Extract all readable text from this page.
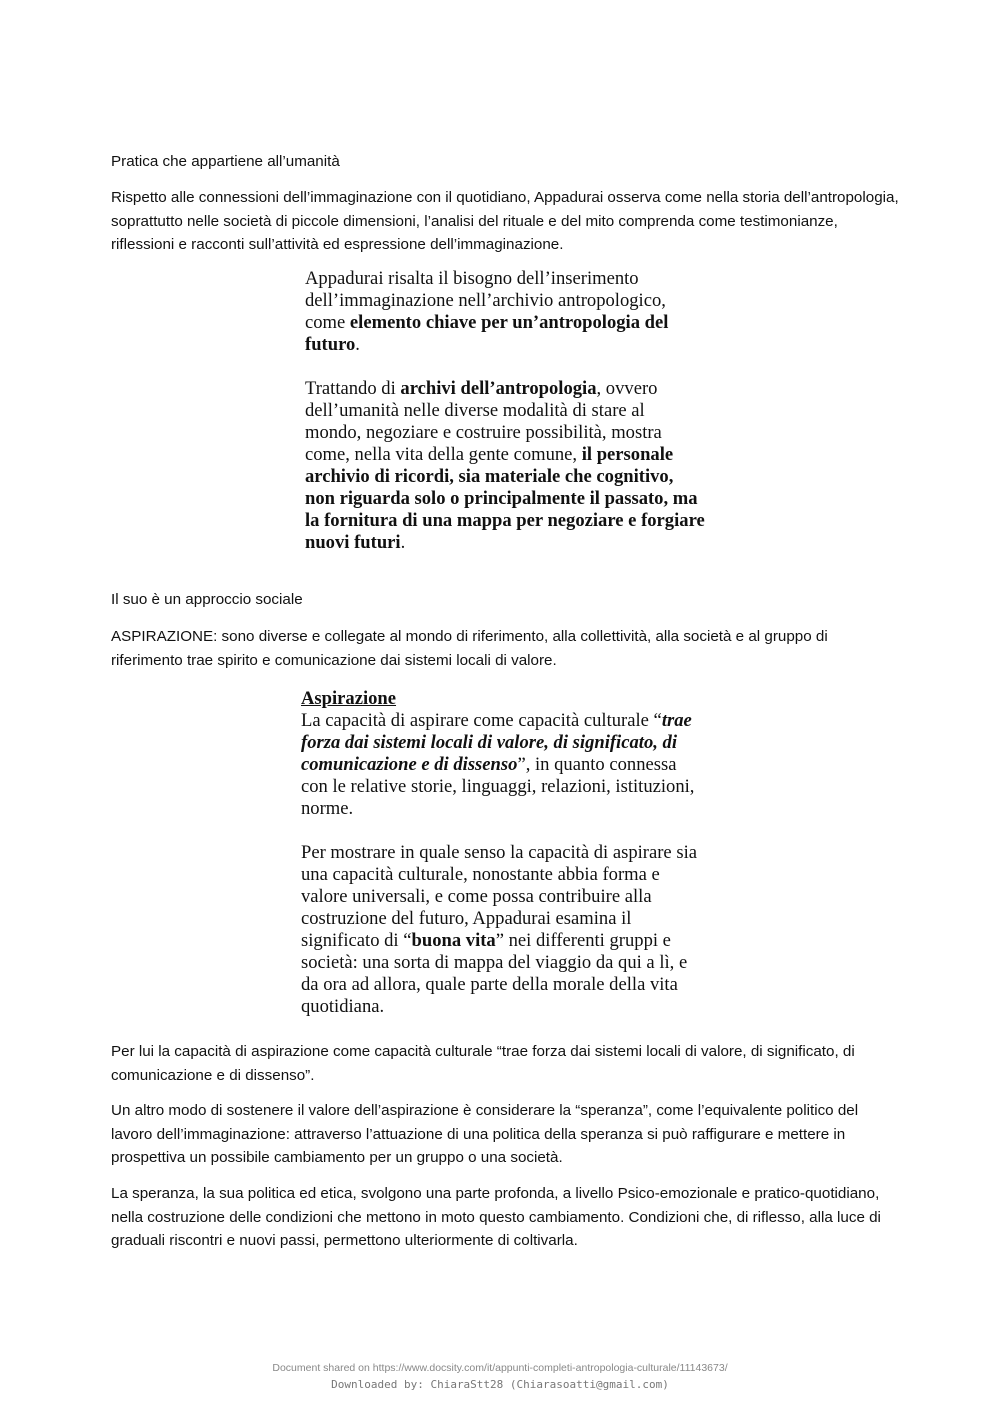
Pratica che appartiene all’umanità

Rispetto alle connessioni dell’immaginazione con il quotidiano, Appadurai osserva come nella storia dell’antropologia, soprattutto nelle società di piccole dimensioni, l’analisi del rituale e del mito comprenda come testimonianze, riflessioni e racconti sull’attività ed espressione dell’immaginazione.

Appadurai risalta il bisogno dell’inserimento dell’immaginazione nell’archivio antropologico, come elemento chiave per un’antropologia del futuro.

Trattando di archivi dell’antropologia, ovvero dell’umanità nelle diverse modalità di stare al mondo, negoziare e costruire possibilità, mostra come, nella vita della gente comune, il personale archivio di ricordi, sia materiale che cognitivo, non riguarda solo o principalmente il passato, ma la fornitura di una mappa per negoziare e forgiare nuovi futuri.

Il suo è un approccio sociale

ASPIRAZIONE: sono diverse e collegate al mondo di riferimento, alla collettività, alla società e al gruppo di riferimento trae spirito e comunicazione dai sistemi locali di valore.

Aspirazione

La capacità di aspirare come capacità culturale “trae forza dai sistemi locali di valore, di significato, di comunicazione e di dissenso”, in quanto connessa con le relative storie, linguaggi, relazioni, istituzioni, norme.

Per mostrare in quale senso la capacità di aspirare sia una capacità culturale, nonostante abbia forma e valore universali, e come possa contribuire alla costruzione del futuro, Appadurai esamina il significato di “buona vita” nei differenti gruppi e società: una sorta di mappa del viaggio da qui a lì, e da ora ad allora, quale parte della morale della vita quotidiana.

Per lui la capacità di aspirazione come capacità culturale “trae forza dai sistemi locali di valore, di significato, di comunicazione e di dissenso”.

Un altro modo di sostenere il valore dell’aspirazione è considerare la “speranza”, come l’equivalente politico del lavoro dell’immaginazione: attraverso l’attuazione di una politica della speranza si può raffigurare e mettere in prospettiva un possibile cambiamento per un gruppo o una società.

La speranza, la sua politica ed etica, svolgono una parte profonda, a livello Psico-emozionale e pratico-quotidiano, nella costruzione delle condizioni che mettono in moto questo cambiamento. Condizioni che, di riflesso, alla luce di graduali riscontri e nuovi passi, permettono ulteriormente di coltivarla.

Document shared on https://www.docsity.com/it/appunti-completi-antropologia-culturale/11143673/
Downloaded by: ChiaraStt28 (Chiarasoatti@gmail.com)
